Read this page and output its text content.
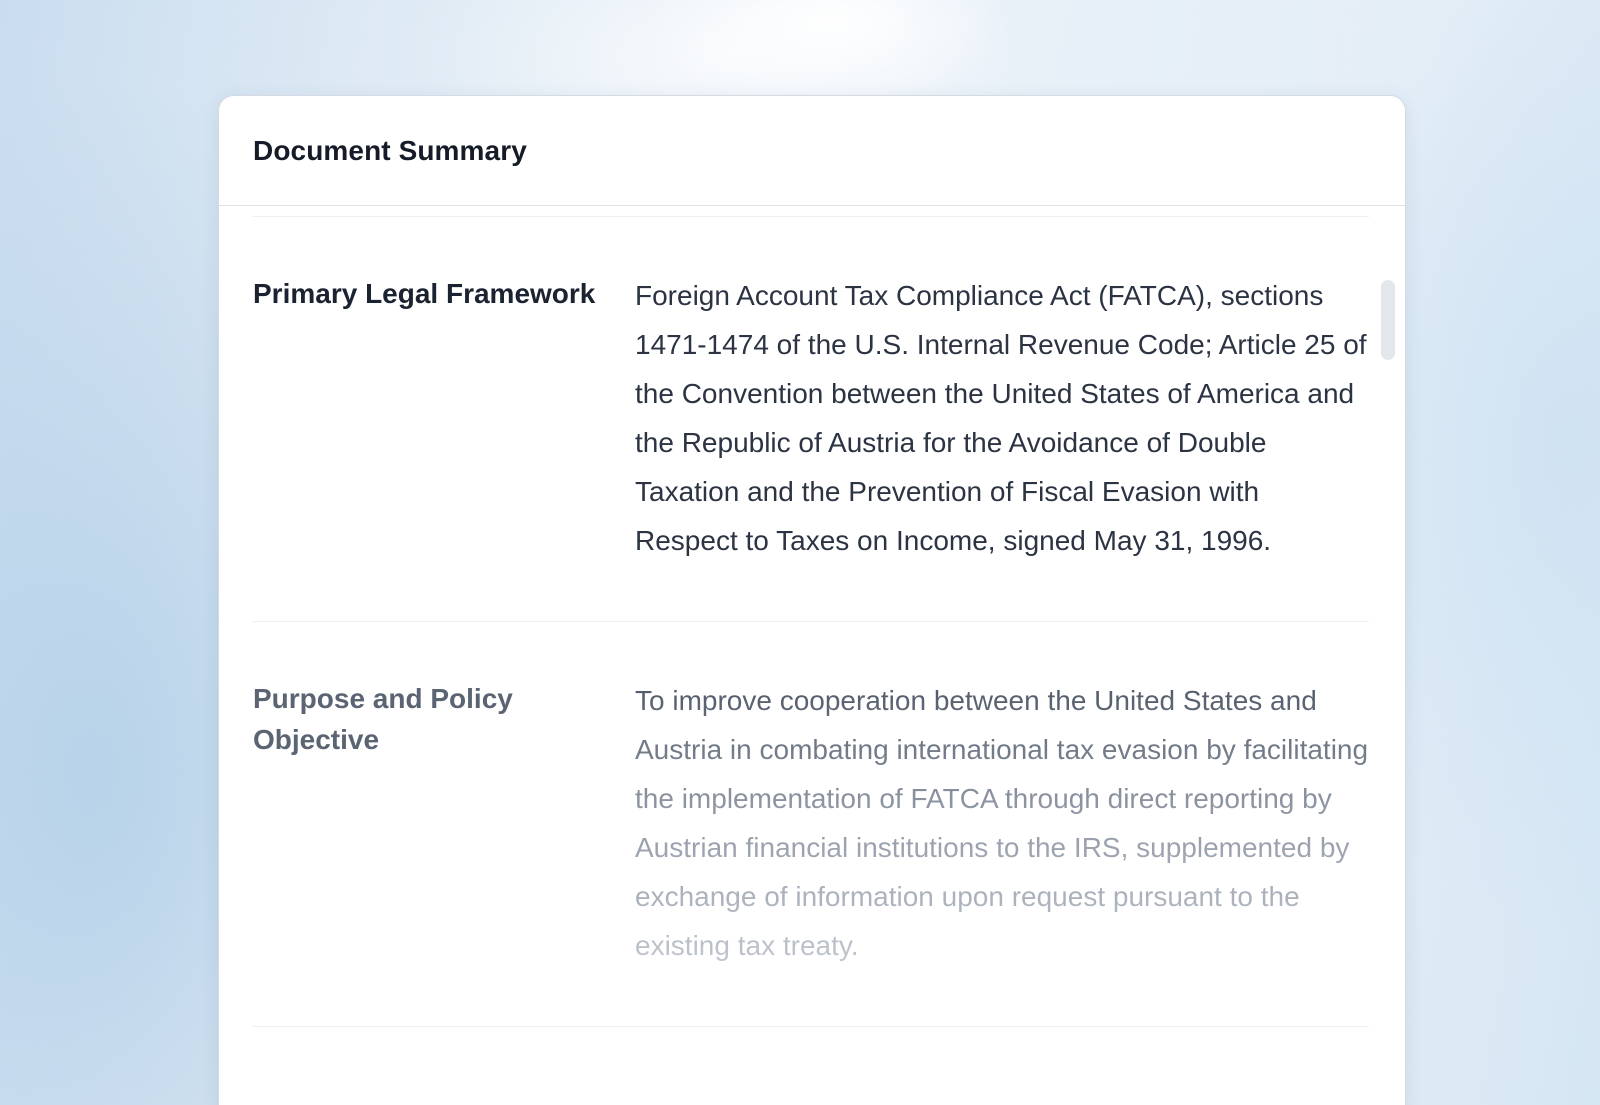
Document Summary
Primary Legal Framework	Foreign Account Tax Compliance Act (FATCA), sections 1471-1474 of the U.S. Internal Revenue Code; Article 25 of the Convention between the United States of America and the Republic of Austria for the Avoidance of Double Taxation and the Prevention of Fiscal Evasion with Respect to Taxes on Income, signed May 31, 1996.
Purpose and Policy Objective
To improve cooperation between the United States and Austria in combating international tax evasion by facilitating the implementation of FATCA through direct reporting by Austrian financial institutions to the IRS, supplemented by exchange of information upon request pursuant to the existing tax treaty.
